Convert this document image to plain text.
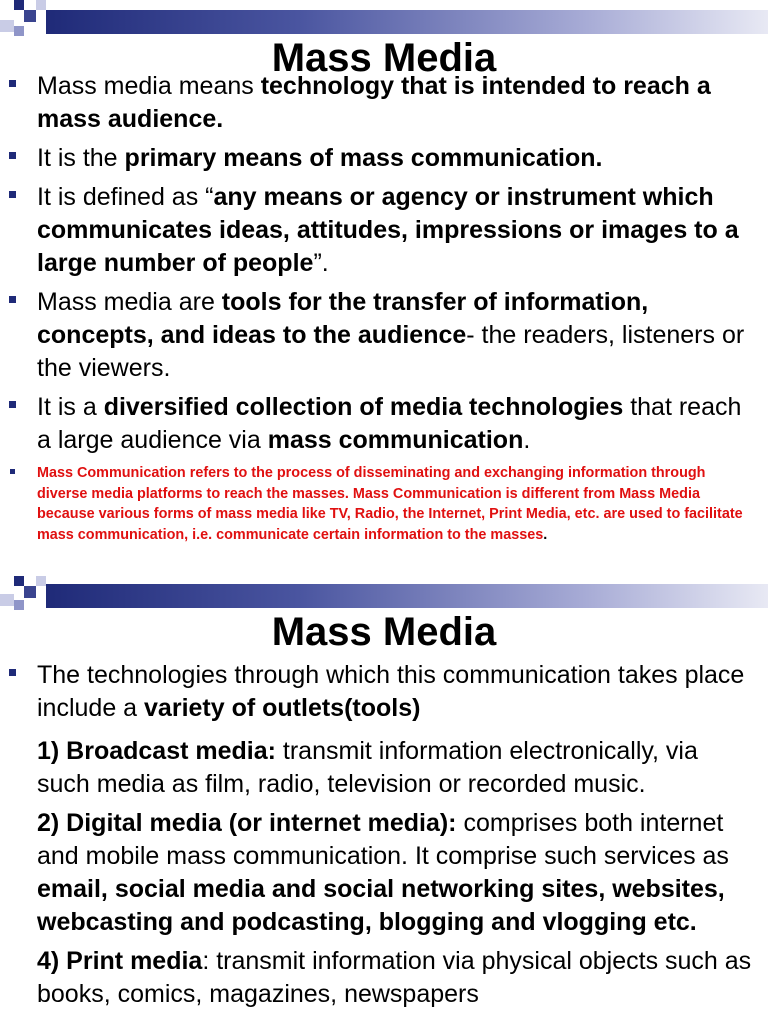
Mass Media
Mass media means technology that is intended to reach a mass audience.
It is the primary means of mass communication.
It is defined as “any means or agency or instrument which communicates ideas, attitudes, impressions or images to a large number of people”.
Mass media are tools for the transfer of information, concepts, and ideas to the audience- the readers, listeners or the viewers.
It is a diversified collection of media technologies that reach a large audience via mass communication.
Mass Communication refers to the process of disseminating and exchanging information through diverse media platforms to reach the masses. Mass Communication is different from Mass Media because various forms of mass media like TV, Radio, the Internet, Print Media, etc. are used to facilitate mass communication, i.e. communicate certain information to the masses.
Mass Media
The technologies through which this communication takes place include a variety of outlets(tools)
1) Broadcast media: transmit information electronically, via such media as film, radio, television or recorded music.
2) Digital media (or internet media): comprises both internet and mobile mass communication. It comprise such services as email, social media and social networking sites, websites, webcasting and podcasting, blogging and vlogging etc.
4) Print media: transmit information via physical objects such as books, comics, magazines, newspapers
